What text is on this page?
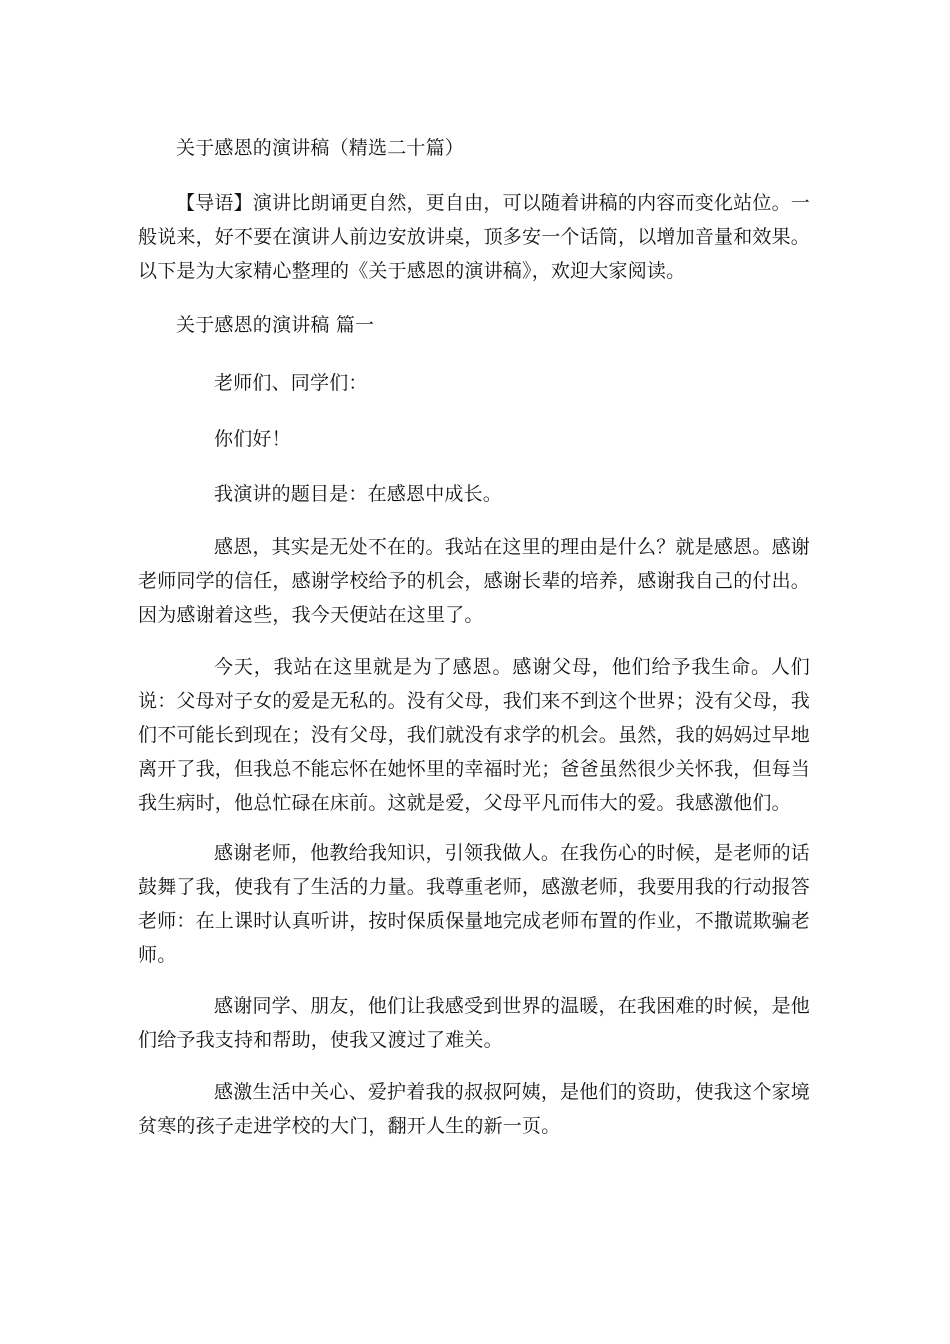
关于感恩的演讲稿（精选二十篇）
【导语】演讲比朗诵更自然，更自由，可以随着讲稿的内容而变化站位。一般说来，好不要在演讲人前边安放讲桌，顶多安一个话筒，以增加音量和效果。以下是为大家精心整理的《关于感恩的演讲稿》，欢迎大家阅读。
关于感恩的演讲稿 篇一
老师们、同学们：
你们好！
我演讲的题目是：在感恩中成长。
感恩，其实是无处不在的。我站在这里的理由是什么？就是感恩。感谢老师同学的信任，感谢学校给予的机会，感谢长辈的培养，感谢我自己的付出。因为感谢着这些，我今天便站在这里了。
今天，我站在这里就是为了感恩。感谢父母，他们给予我生命。人们说：父母对子女的爱是无私的。没有父母，我们来不到这个世界；没有父母，我们不可能长到现在；没有父母，我们就没有求学的机会。虽然，我的妈妈过早地离开了我，但我总不能忘怀在她怀里的幸福时光；爸爸虽然很少关怀我，但每当我生病时，他总忙碌在床前。这就是爱，父母平凡而伟大的爱。我感激他们。
感谢老师，他教给我知识，引领我做人。在我伤心的时候，是老师的话鼓舞了我，使我有了生活的力量。我尊重老师，感激老师，我要用我的行动报答老师：在上课时认真听讲，按时保质保量地完成老师布置的作业，不撒谎欺骗老师。
感谢同学、朋友，他们让我感受到世界的温暖，在我困难的时候，是他们给予我支持和帮助，使我又渡过了难关。
感激生活中关心、爱护着我的叔叔阿姨，是他们的资助，使我这个家境贫寒的孩子走进学校的大门，翻开人生的新一页。
